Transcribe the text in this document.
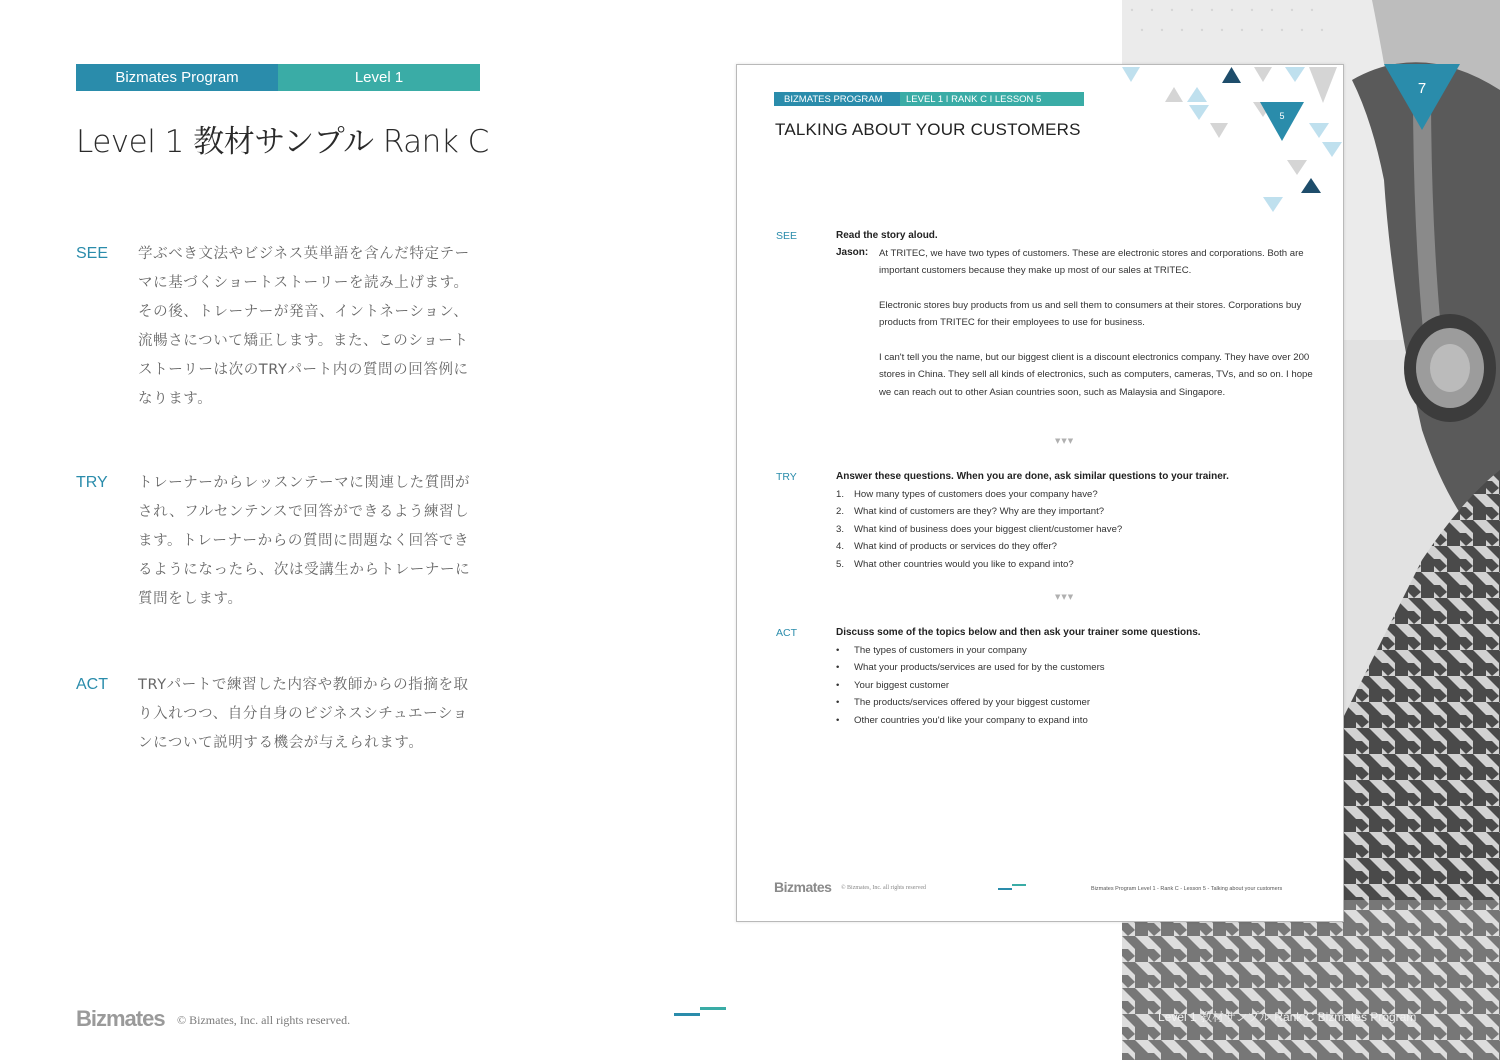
7
Level 1 教材サンプル Rank C Bizmates Program
Bizmates Program	Level 1
Level 1 教材サンプル Rank C
SEE 学ぶべき文法やビジネス英単語を含んだ特定テーマに基づくショートストーリーを読み上げます。その後、トレーナーが発音、イントネーション、流暢さについて矯正します。また、このショートストーリーは次のTRYパート内の質問の回答例になります。
TRY トレーナーからレッスンテーマに関連した質問がされ、フルセンテンスで回答ができるよう練習します。トレーナーからの質問に問題なく回答できるようになったら、次は受講生からトレーナーに質問をします。
ACT TRYパートで練習した内容や教師からの指摘を取り入れつつ、自分自身のビジネスシチュエーションについて説明する機会が与えられます。
Bizmates © Bizmates, Inc. all rights reserved.
BIZMATES PROGRAM	LEVEL 1 I RANK C I LESSON 5
5
TALKING ABOUT YOUR CUSTOMERS
SEE	Read the story aloud.
Jason: At TRITEC, we have two types of customers. These are electronic stores and corporations. Both are important customers because they make up most of our sales at TRITEC.
Electronic stores buy products from us and sell them to consumers at their stores. Corporations buy products from TRITEC for their employees to use for business.
I can't tell you the name, but our biggest client is a discount electronics company. They have over 200 stores in China. They sell all kinds of electronics, such as computers, cameras, TVs, and so on. I hope we can reach out to other Asian countries soon, such as Malaysia and Singapore.
▼▼▼
TRY	Answer these questions. When you are done, ask similar questions to your trainer.
1. How many types of customers does your company have?
2. What kind of customers are they? Why are they important?
3. What kind of business does your biggest client/customer have?
4. What kind of products or services do they offer?
5. What other countries would you like to expand into?
▼▼▼
ACT	Discuss some of the topics below and then ask your trainer some questions.
• The types of customers in your company
• What your products/services are used for by the customers
• Your biggest customer
• The products/services offered by your biggest customer
• Other countries you'd like your company to expand into
Bizmates © Bizmates, Inc. all rights reserved	Bizmates Program Level 1 - Rank C - Lesson 5 - Talking about your customers
